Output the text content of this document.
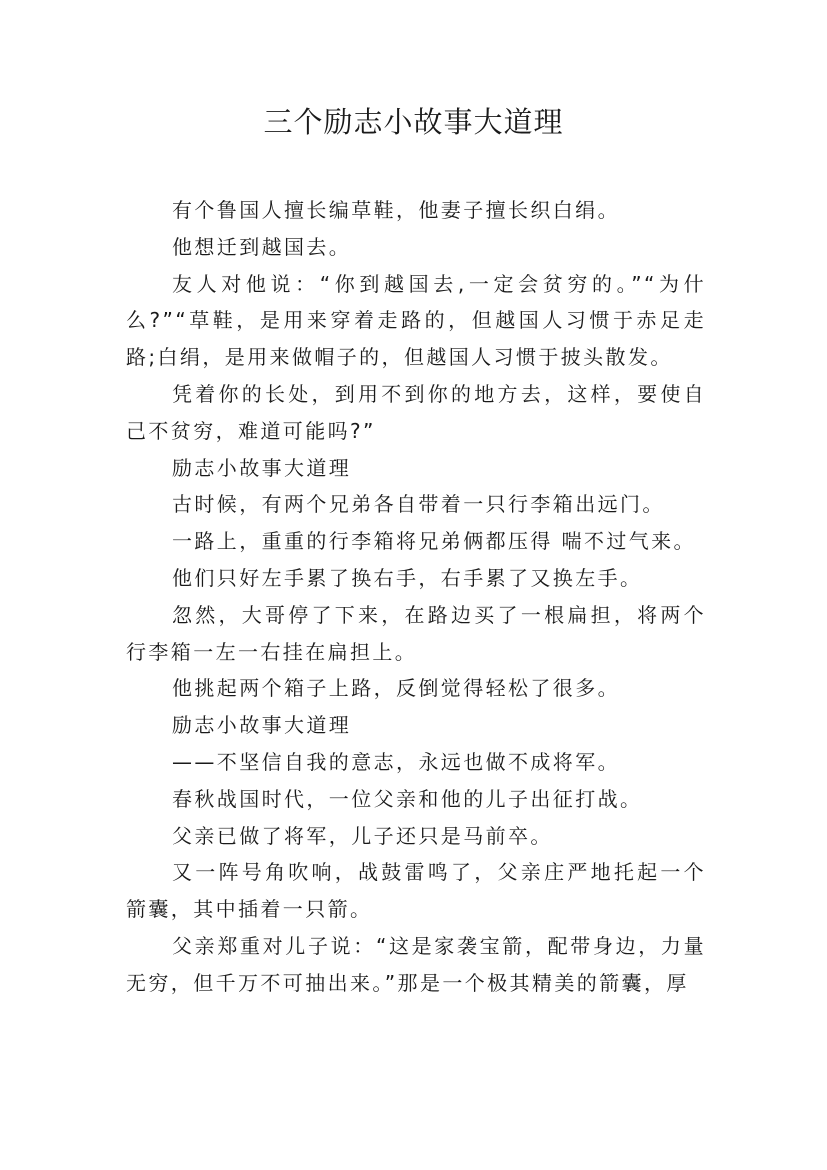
三个励志小故事大道理

有个鲁国人擅长编草鞋，他妻子擅长织白绢。

他想迁到越国去。

友人对他说：“你到越国去,一定会贫穷的。”“为什么?”“草鞋，是用来穿着走路的，但越国人习惯于赤足走路;白绢，是用来做帽子的，但越国人习惯于披头散发。

凭着你的长处，到用不到你的地方去，这样，要使自己不贫穷，难道可能吗?”

励志小故事大道理

古时候，有两个兄弟各自带着一只行李箱出远门。

一路上，重重的行李箱将兄弟俩都压得 喘不过气来。

他们只好左手累了换右手，右手累了又换左手。

忽然，大哥停了下来，在路边买了一根扁担，将两个行李箱一左一右挂在扁担上。

他挑起两个箱子上路，反倒觉得轻松了很多。

励志小故事大道理

——不坚信自我的意志，永远也做不成将军。

春秋战国时代，一位父亲和他的儿子出征打战。

父亲已做了将军，儿子还只是马前卒。

又一阵号角吹响，战鼓雷鸣了，父亲庄严地托起一个箭囊，其中插着一只箭。

父亲郑重对儿子说：“这是家袭宝箭，配带身边，力量无穷，但千万不可抽出来。”那是一个极其精美的箭囊，厚
